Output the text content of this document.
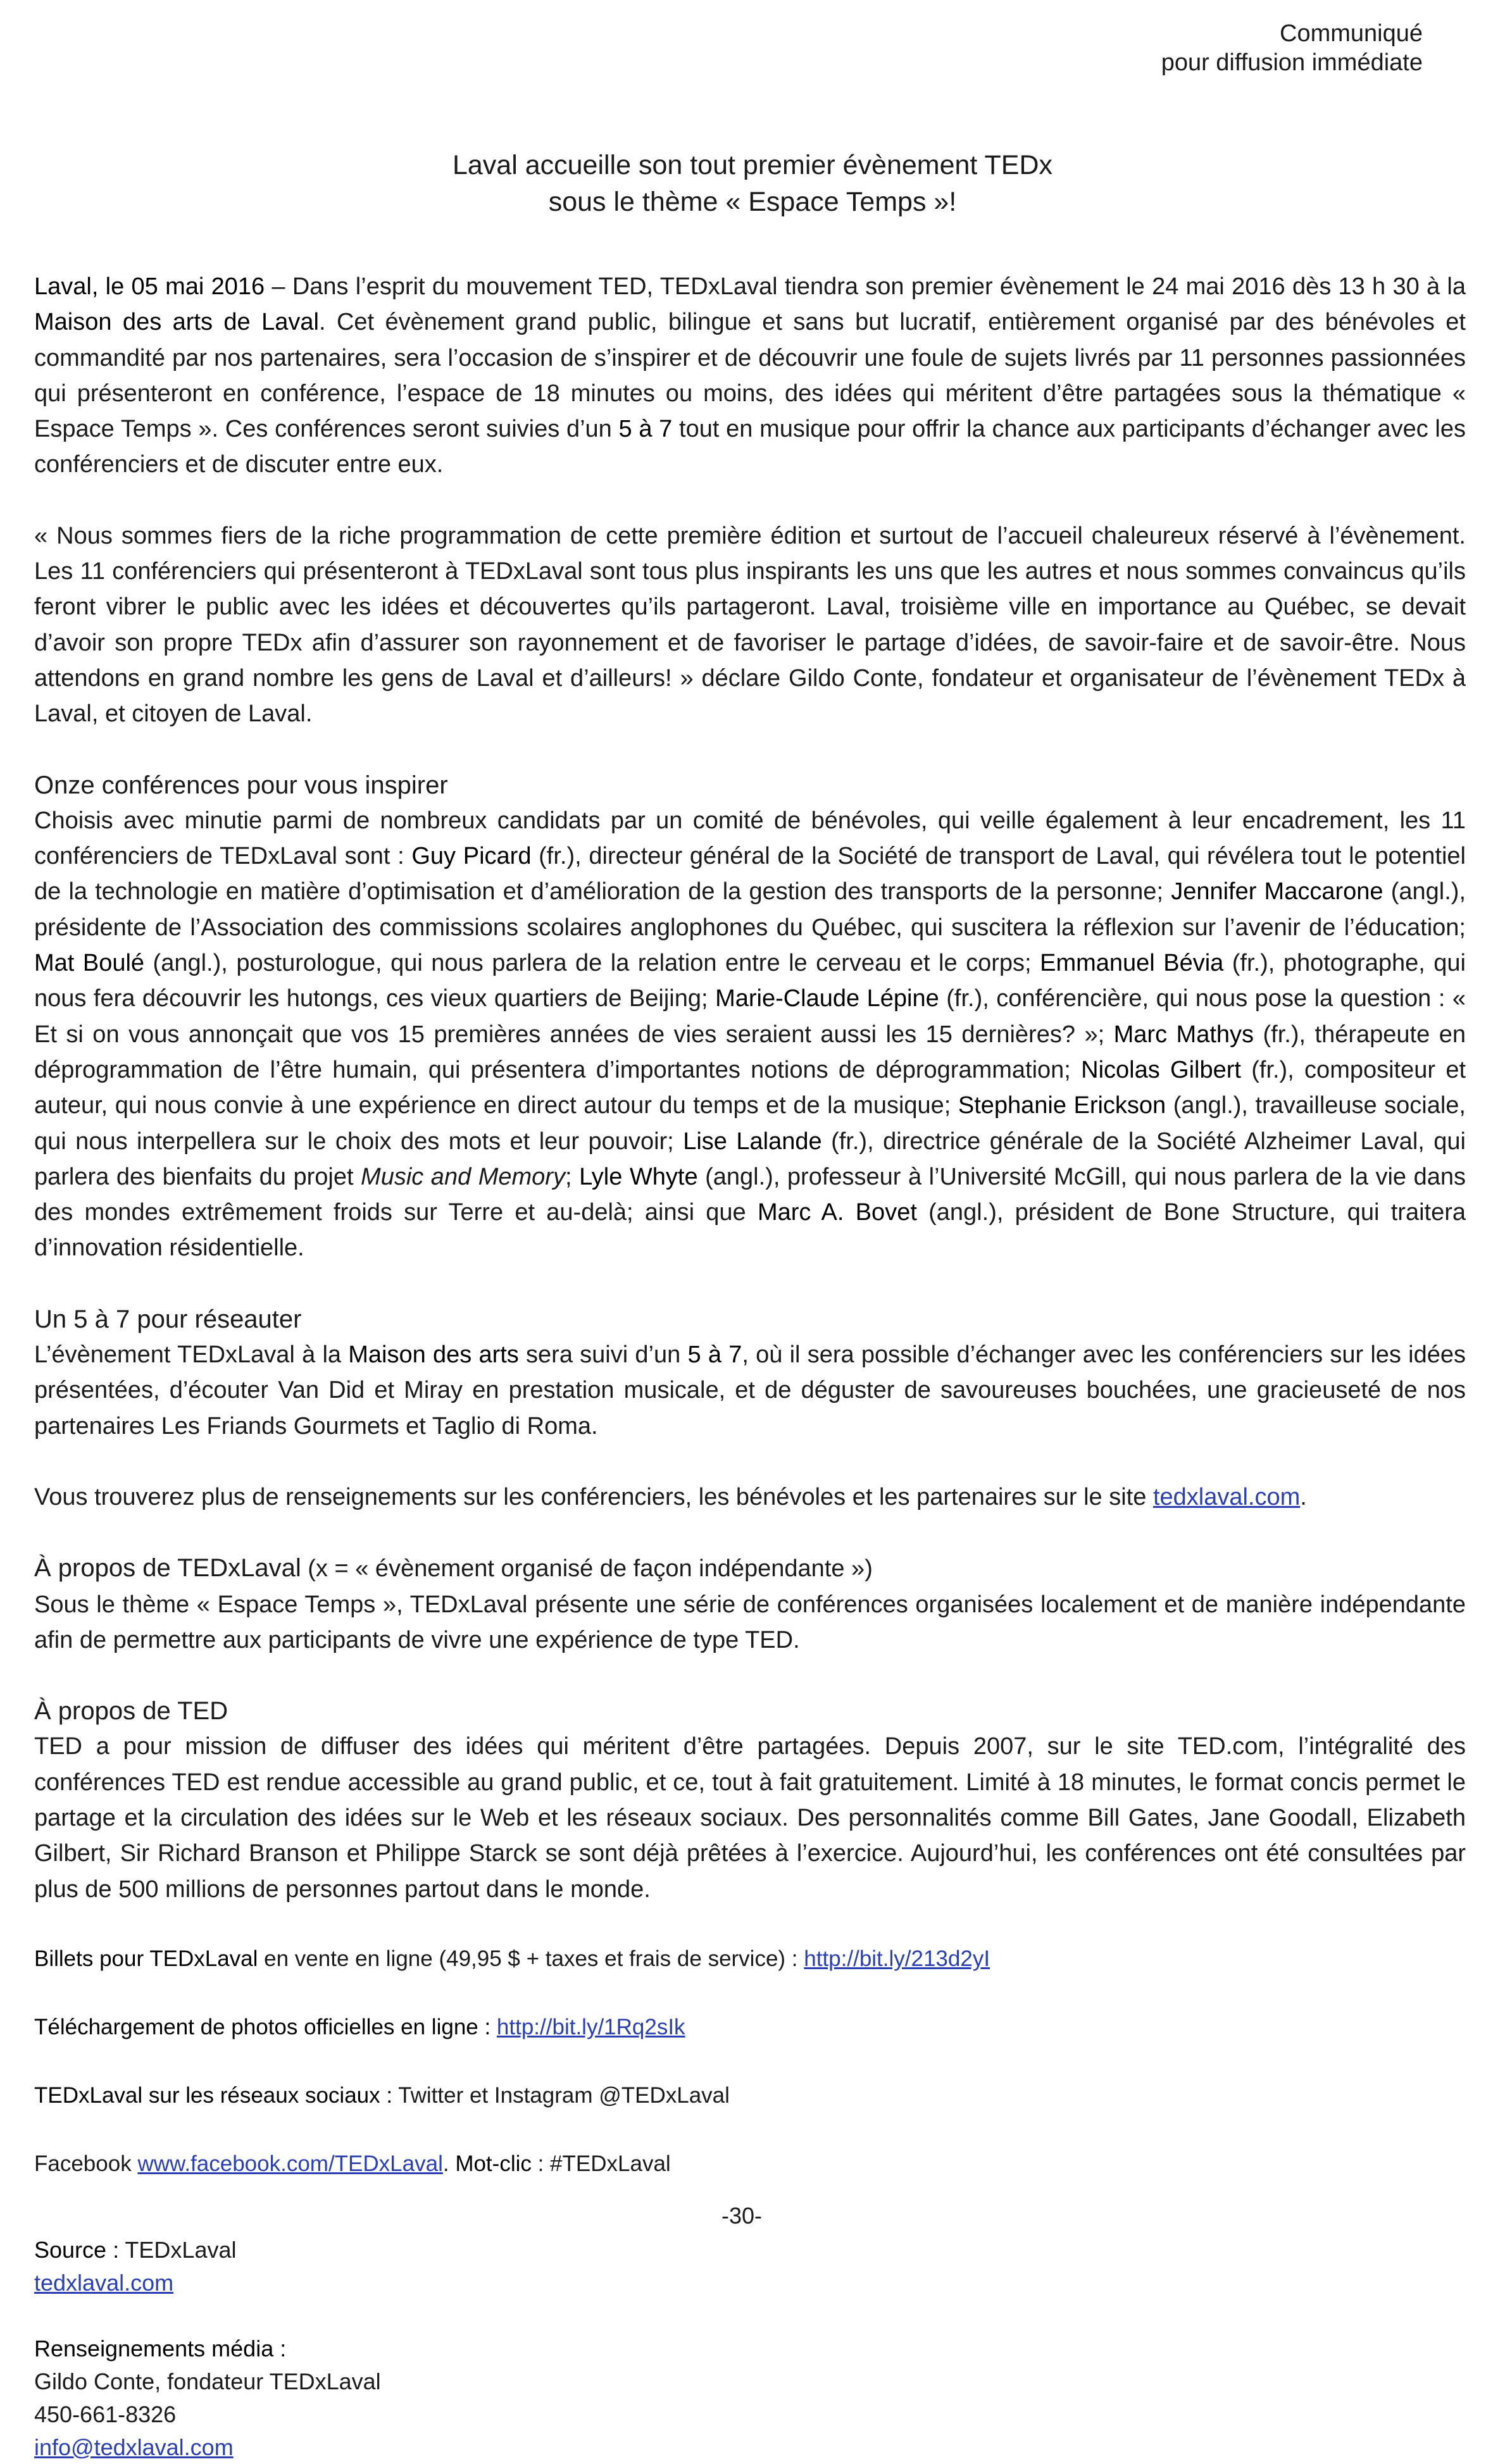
Communiqué
pour diffusion immédiate
Laval accueille son tout premier évènement TEDx
sous le thème « Espace Temps »!

Laval, le 05 mai 2016 – Dans l’esprit du mouvement TED, TEDxLaval tiendra son premier évènement le 24 mai 2016 dès 13 h 30 à la Maison des arts de Laval. Cet évènement grand public, bilingue et sans but lucratif, entièrement organisé par des bénévoles et commandité par nos partenaires, sera l’occasion de s’inspirer et de découvrir une foule de sujets livrés par 11 personnes passionnées qui présenteront en conférence, l’espace de 18 minutes ou moins, des idées qui méritent d’être partagées sous la thématique « Espace Temps ». Ces conférences seront suivies d’un 5 à 7 tout en musique pour offrir la chance aux participants d’échanger avec les conférenciers et de discuter entre eux.

« Nous sommes fiers de la riche programmation de cette première édition et surtout de l’accueil chaleureux réservé à l’évènement. Les 11 conférenciers qui présenteront à TEDxLaval sont tous plus inspirants les uns que les autres et nous sommes convaincus qu’ils feront vibrer le public avec les idées et découvertes qu’ils partageront. Laval, troisième ville en importance au Québec, se devait d’avoir son propre TEDx afin d’assurer son rayonnement et de favoriser le partage d’idées, de savoir-faire et de savoir-être. Nous attendons en grand nombre les gens de Laval et d’ailleurs! » déclare Gildo Conte, fondateur et organisateur de l’évènement TEDx à Laval, et citoyen de Laval.

Onze conférences pour vous inspirer

Choisis avec minutie parmi de nombreux candidats par un comité de bénévoles, qui veille également à leur encadrement, les 11 conférenciers de TEDxLaval sont : Guy Picard (fr.), directeur général de la Société de transport de Laval, qui révélera tout le potentiel de la technologie en matière d’optimisation et d’amélioration de la gestion des transports de la personne; Jennifer Maccarone (angl.), présidente de l’Association des commissions scolaires anglophones du Québec, qui suscitera la réflexion sur l’avenir de l’éducation; Mat Boulé (angl.), posturologue, qui nous parlera de la relation entre le cerveau et le corps; Emmanuel Bévia (fr.), photographe, qui nous fera découvrir les hutongs, ces vieux quartiers de Beijing; Marie-Claude Lépine (fr.), conférencière, qui nous pose la question : « Et si on vous annonçait que vos 15 premières années de vies seraient aussi les 15 dernières? »; Marc Mathys (fr.), thérapeute en déprogrammation de l’être humain, qui présentera d’importantes notions de déprogrammation; Nicolas Gilbert (fr.), compositeur et auteur, qui nous convie à une expérience en direct autour du temps et de la musique; Stephanie Erickson (angl.), travailleuse sociale, qui nous interpellera sur le choix des mots et leur pouvoir; Lise Lalande (fr.), directrice générale de la Société Alzheimer Laval, qui parlera des bienfaits du projet Music and Memory; Lyle Whyte (angl.), professeur à l’Université McGill, qui nous parlera de la vie dans des mondes extrêmement froids sur Terre et au-delà; ainsi que Marc A. Bovet (angl.), président de Bone Structure, qui traitera d’innovation résidentielle.

Un 5 à 7 pour réseauter

L’évènement TEDxLaval à la Maison des arts sera suivi d’un 5 à 7, où il sera possible d’échanger avec les conférenciers sur les idées présentées, d’écouter Van Did et Miray en prestation musicale, et de déguster de savoureuses bouchées, une gracieuseté de nos partenaires Les Friands Gourmets et Taglio di Roma.

Vous trouverez plus de renseignements sur les conférenciers, les bénévoles et les partenaires sur le site tedxlaval.com.

À propos de TEDxLaval (x = « évènement organisé de façon indépendante »)

Sous le thème « Espace Temps », TEDxLaval présente une série de conférences organisées localement et de manière indépendante afin de permettre aux participants de vivre une expérience de type TED.

À propos de TED

TED a pour mission de diffuser des idées qui méritent d’être partagées. Depuis 2007, sur le site TED.com, l’intégralité des conférences TED est rendue accessible au grand public, et ce, tout à fait gratuitement. Limité à 18 minutes, le format concis permet le partage et la circulation des idées sur le Web et les réseaux sociaux. Des personnalités comme Bill Gates, Jane Goodall, Elizabeth Gilbert, Sir Richard Branson et Philippe Starck se sont déjà prêtées à l’exercice. Aujourd’hui, les conférences ont été consultées par plus de 500 millions de personnes partout dans le monde.

Billets pour TEDxLaval en vente en ligne (49,95 $ + taxes et frais de service) : http://bit.ly/213d2yI

Téléchargement de photos officielles en ligne : http://bit.ly/1Rq2sIk

TEDxLaval sur les réseaux sociaux : Twitter et Instagram @TEDxLaval

Facebook www.facebook.com/TEDxLaval. Mot-clic : #TEDxLaval

-30-

Source : TEDxLaval

tedxlaval.com

Renseignements média :

Gildo Conte, fondateur TEDxLaval

450-661-8326

info@tedxlaval.com
